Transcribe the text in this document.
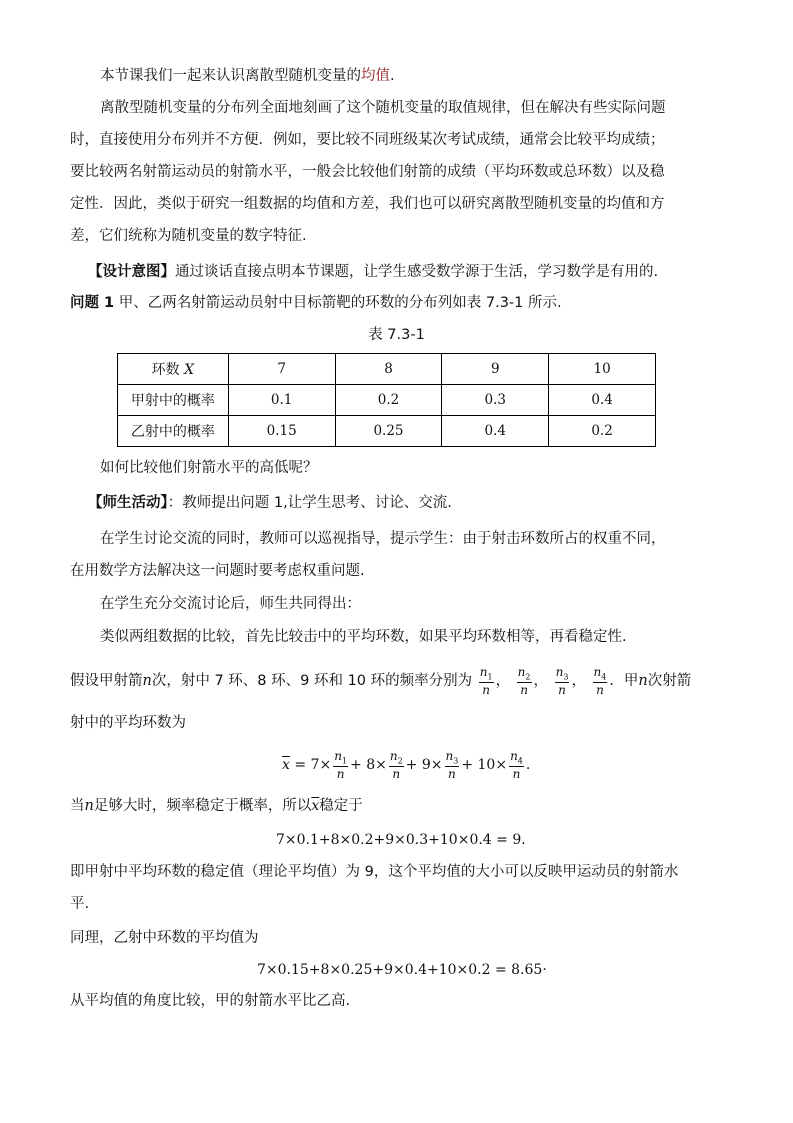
本节课我们一起来认识离散型随机变量的均值.
离散型随机变量的分布列全面地刻画了这个随机变量的取值规律，但在解决有些实际问题
时，直接使用分布列并不方便．例如，要比较不同班级某次考试成绩，通常会比较平均成绩；
要比较两名射箭运动员的射箭水平，一般会比较他们射箭的成绩（平均环数或总环数）以及稳
定性．因此，类似于研究一组数据的均值和方差，我们也可以研究离散型随机变量的均值和方
差，它们统称为随机变量的数字特征.
【设计意图】通过谈话直接点明本节课题，让学生感受数学源于生活，学习数学是有用的.
问题 1 甲、乙两名射箭运动员射中目标箭靶的环数的分布列如表 7.3-1 所示.
表 7.3-1
环数 X	7	8	9	10
甲射中的概率	0.1	0.2	0.3	0.4
乙射中的概率	0.15	0.25	0.4	0.2
如何比较他们射箭水平的高低呢？
【师生活动】：教师提出问题 1,让学生思考、讨论、交流.
在学生讨论交流的同时，教师可以巡视指导，提示学生：由于射击环数所占的权重不同，
在用数学方法解决这一问题时要考虑权重问题.
在学生充分交流讨论后，师生共同得出：
类似两组数据的比较，首先比较击中的平均环数，如果平均环数相等，再看稳定性.
假设甲射箭n次，射中 7 环、8 环、9 环和 10 环的频率分别为 $\frac{n_1}{n}$ ， $\frac{n_2}{n}$ ， $\frac{n_3}{n}$ ， $\frac{n_4}{n}$ ．甲n次射箭
射中的平均环数为
$\overline{x} = 7\times \frac{n_1}{n} + 8\times \frac{n_2}{n} + 9\times \frac{n_3}{n} + 10\times \frac{n_4}{n}$ .
当n足够大时，频率稳定于概率，所以$\overline{x}$稳定于
7×0.1+8×0.2+9×0.3+10×0.4 = 9．
即甲射中平均环数的稳定值（理论平均值）为 9，这个平均值的大小可以反映甲运动员的射箭水
平.
同理，乙射中环数的平均值为
7×0.15+8×0.25+9×0.4+10×0.2 = 8.65·
从平均值的角度比较，甲的射箭水平比乙高.
